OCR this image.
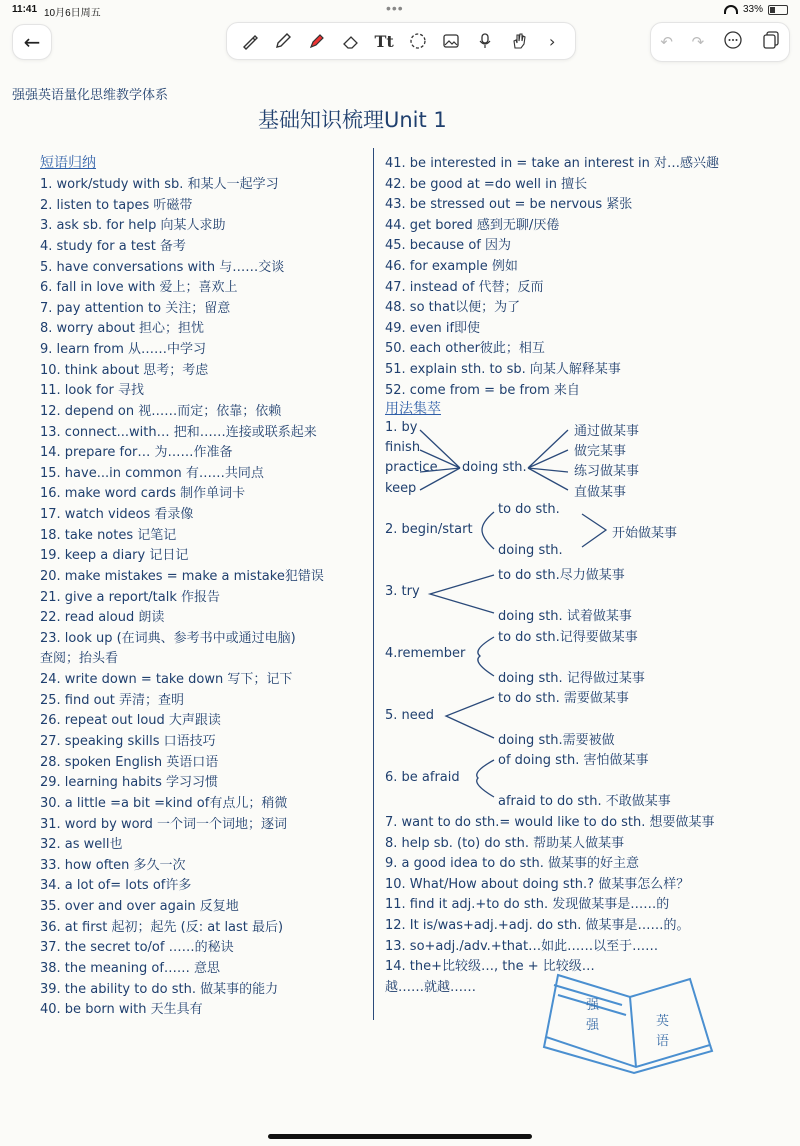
11:41 10月6日周五	•••	33%
←	Tt	›	↶ ↷
强强英语量化思维教学体系
基础知识梳理Unit 1
短语归纳
1. work/study with sb. 和某人一起学习
2. listen to tapes 听磁带
3. ask sb. for help 向某人求助
4. study for a test 备考
5. have conversations with 与……交谈
6. fall in love with 爱上；喜欢上
7. pay attention to 关注；留意
8. worry about 担心；担忧
9. learn from 从……中学习
10. think about 思考；考虑
11. look for 寻找
12. depend on 视……而定；依靠；依赖
13. connect...with… 把和……连接或联系起来
14. prepare for… 为……作准备
15. have...in common 有……共同点
16. make word cards 制作单词卡
17. watch videos 看录像
18. take notes 记笔记
19. keep a diary 记日记
20. make mistakes = make a mistake犯错误
21. give a report/talk 作报告
22. read aloud 朗读
23. look up (在词典、参考书中或通过电脑)
查阅；抬头看
24. write down = take down 写下；记下
25. find out 弄清；查明
26. repeat out loud 大声跟读
27. speaking skills 口语技巧
28. spoken English 英语口语
29. learning habits 学习习惯
30. a little =a bit =kind of有点儿；稍微
31. word by word 一个词一个词地；逐词
32. as well也
33. how often 多久一次
34. a lot of= lots of许多
35. over and over again 反复地
36. at first 起初；起先 (反: at last 最后)
37. the secret to/of ……的秘诀
38. the meaning of…… 意思
39. the ability to do sth. 做某事的能力
40. be born with 天生具有
41. be interested in = take an interest in 对…感兴趣
42. be good at =do well in 擅长
43. be stressed out = be nervous 紧张
44. get bored 感到无聊/厌倦
45. because of 因为
46. for example 例如
47. instead of 代替；反而
48. so that以便；为了
49. even if即使
50. each other彼此；相互
51. explain sth. to sb. 向某人解释某事
52. come from = be from 来自
用法集萃
1. by
finish
practice
keep
doing sth.
通过做某事
做完某事
练习做某事
直做某事
2. begin/start
to do sth.
doing sth.
开始做某事
3. try
to do sth.尽力做某事
doing sth. 试着做某事
4.remember
to do sth.记得要做某事
doing sth. 记得做过某事
5. need
to do sth. 需要做某事
doing sth.需要被做
6. be afraid
of doing sth. 害怕做某事
afraid to do sth. 不敢做某事
7. want to do sth.= would like to do sth. 想要做某事
8. help sb. (to) do sth. 帮助某人做某事
9. a good idea to do sth. 做某事的好主意
10. What/How about doing sth.? 做某事怎么样？
11. find it adj.+to do sth. 发现做某事是……的
12. It is/was+adj.+adj. do sth. 做某事是……的。
13. so+adj./adv.+that…如此……以至于……
14. the+比较级…, the + 比较级…
越……就越……
强
强	英
语
